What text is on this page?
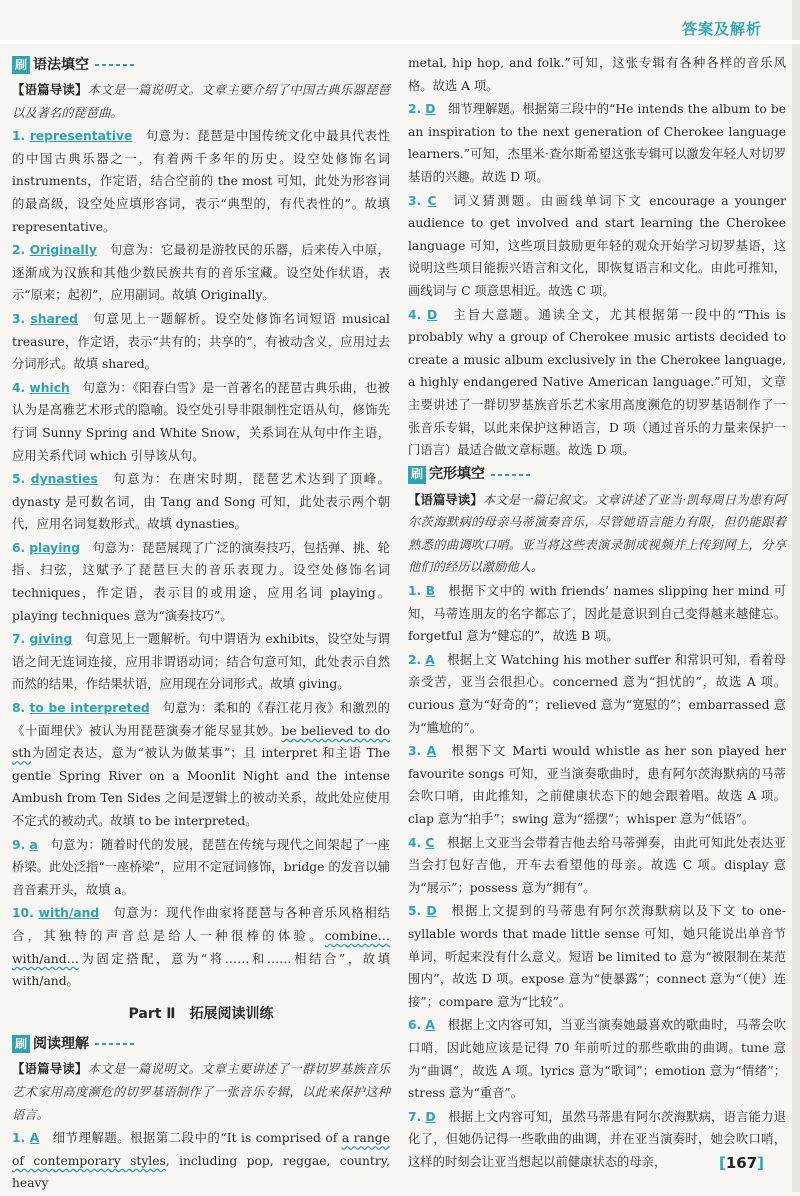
答案及解析
刷 语法填空

【语篇导读】本文是一篇说明文。文章主要介绍了中国古典乐器琵琶以及著名的琵琶曲。

1. representative　 句意为：琵琶是中国传统文化中最具代表性的中国古典乐器之一，有着两千多年的历史。设空处修饰名词 instruments，作定语，结合空前的 the most 可知，此处为形容词的最高级，设空处应填形容词，表示“典型的，有代表性的”。故填 representative。

2. Originally　 句意为：它最初是游牧民的乐器，后来传入中原，逐渐成为汉族和其他少数民族共有的音乐宝藏。设空处作状语，表示“原来；起初”，应用副词。故填 Originally。

3. shared　 句意见上一题解析。设空处修饰名词短语 musical treasure，作定语，表示“共有的；共享的”，有被动含义，应用过去分词形式。故填 shared。

4. which　 句意为：《阳春白雪》是一首著名的琵琶古典乐曲，也被认为是高雅艺术形式的隐喻。设空处引导非限制性定语从句，修饰先行词 Sunny Spring and White Snow，关系词在从句中作主语，应用关系代词 which 引导该从句。

5. dynasties　 句意为：在唐宋时期，琵琶艺术达到了顶峰。dynasty 是可数名词，由 Tang and Song 可知，此处表示两个朝代，应用名词复数形式。故填 dynasties。

6. playing　 句意为：琵琶展现了广泛的演奏技巧，包括弹、挑、轮指、扫弦，这赋予了琵琶巨大的音乐表现力。设空处修饰名词 techniques，作定语，表示目的或用途，应用名词 playing。playing techniques 意为“演奏技巧”。

7. giving　 句意见上一题解析。句中谓语为 exhibits，设空处与谓语之间无连词连接，应用非谓语动词；结合句意可知，此处表示自然而然的结果，作结果状语，应用现在分词形式。故填 giving。

8. to be interpreted　 句意为：柔和的《春江花月夜》和激烈的《十面埋伏》被认为用琵琶演奏才能尽显其妙。be believed to do sth为固定表达，意为“被认为做某事”；且 interpret 和主语 The gentle Spring River on a Moonlit Night and the intense Ambush from Ten Sides 之间是逻辑上的被动关系，故此处应使用不定式的被动式。故填 to be interpreted。

9. a　 句意为：随着时代的发展，琵琶在传统与现代之间架起了一座桥梁。此处泛指“一座桥梁”，应用不定冠词修饰，bridge 的发音以辅音音素开头，故填 a。

10. with/and　 句意为：现代作曲家将琵琶与各种音乐风格相结合，其独特的声音总是给人一种很棒的体验。combine… with/and…为固定搭配，意为“将……和……相结合”，故填 with/and。

Part Ⅱ　拓展阅读训练
刷 阅读理解

【语篇导读】本文是一篇说明文。文章主要讲述了一群切罗基族音乐艺术家用高度濒危的切罗基语制作了一张音乐专辑，以此来保护这种语言。

1. A　 细节理解题。根据第二段中的“It is comprised of a range of contemporary styles, including pop, reggae, country, heavy

metal, hip hop, and folk.”可知，这张专辑有各种各样的音乐风格。故选 A 项。

2. D　 细节理解题。根据第三段中的“He intends the album to be an inspiration to the next generation of Cherokee language learners.”可知，杰里米·查尔斯希望这张专辑可以激发年轻人对切罗基语的兴趣。故选 D 项。

3. C　 词义猜测题。由画线单词下文 encourage a younger audience to get involved and start learning the Cherokee language 可知，这些项目鼓励更年轻的观众开始学习切罗基语，这说明这些项目能振兴语言和文化，即恢复语言和文化。由此可推知，画线词与 C 项意思相近。故选 C 项。

4. D　 主旨大意题。通读全文，尤其根据第一段中的“This is probably why a group of Cherokee music artists decided to create a music album exclusively in the Cherokee language, a highly endangered Native American language.”可知，文章主要讲述了一群切罗基族音乐艺术家用高度濒危的切罗基语制作了一张音乐专辑，以此来保护这种语言，D 项（通过音乐的力量来保护一门语言）最适合做文章标题。故选 D 项。

刷 完形填空

【语篇导读】本文是一篇记叙文。文章讲述了亚当·凯每周日为患有阿尔茨海默病的母亲马蒂演奏音乐，尽管她语言能力有限，但仍能跟着熟悉的曲调吹口哨。亚当将这些表演录制成视频并上传到网上，分享他们的经历以激励他人。

1. B　 根据下文中的 with friends’ names slipping her mind 可知，马蒂连朋友的名字都忘了，因此是意识到自己变得越来越健忘。forgetful 意为“健忘的”，故选 B 项。

2. A　 根据上文 Watching his mother suffer 和常识可知，看着母亲受苦，亚当会很担心。concerned 意为“担忧的”，故选 A 项。curious 意为“好奇的”；relieved 意为“宽慰的”；embarrassed 意为“尴尬的”。

3. A　 根据下文 Marti would whistle as her son played her favourite songs 可知，亚当演奏歌曲时，患有阿尔茨海默病的马蒂会吹口哨，由此推知，之前健康状态下的她会跟着唱。故选 A 项。clap 意为“拍手”；swing 意为“摇摆”；whisper 意为“低语”。

4. C　 根据上文亚当会带着吉他去给马蒂弹奏，由此可知此处表达亚当会打包好吉他，开车去看望他的母亲。故选 C 项。display 意为“展示”；possess 意为“拥有”。

5. D　 根据上文提到的马蒂患有阿尔茨海默病以及下文 to one-syllable words that made little sense 可知，她只能说出单音节单词，听起来没有什么意义。短语 be limited to 意为“被限制在某范围内”，故选 D 项。expose 意为“使暴露”；connect 意为“（使）连接”；compare 意为“比较”。

6. A　 根据上文内容可知，当亚当演奏她最喜欢的歌曲时，马蒂会吹口哨，因此她应该是记得 70 年前听过的那些歌曲的曲调。tune 意为“曲调”，故选 A 项。lyrics 意为“歌词”；emotion 意为“情绪”；stress 意为“重音”。

7. D　 根据上文内容可知，虽然马蒂患有阿尔茨海默病，语言能力退化了，但她仍记得一些歌曲的曲调，并在亚当演奏时，她会吹口哨，这样的时刻会让亚当想起以前健康状态的母亲，	[167]
